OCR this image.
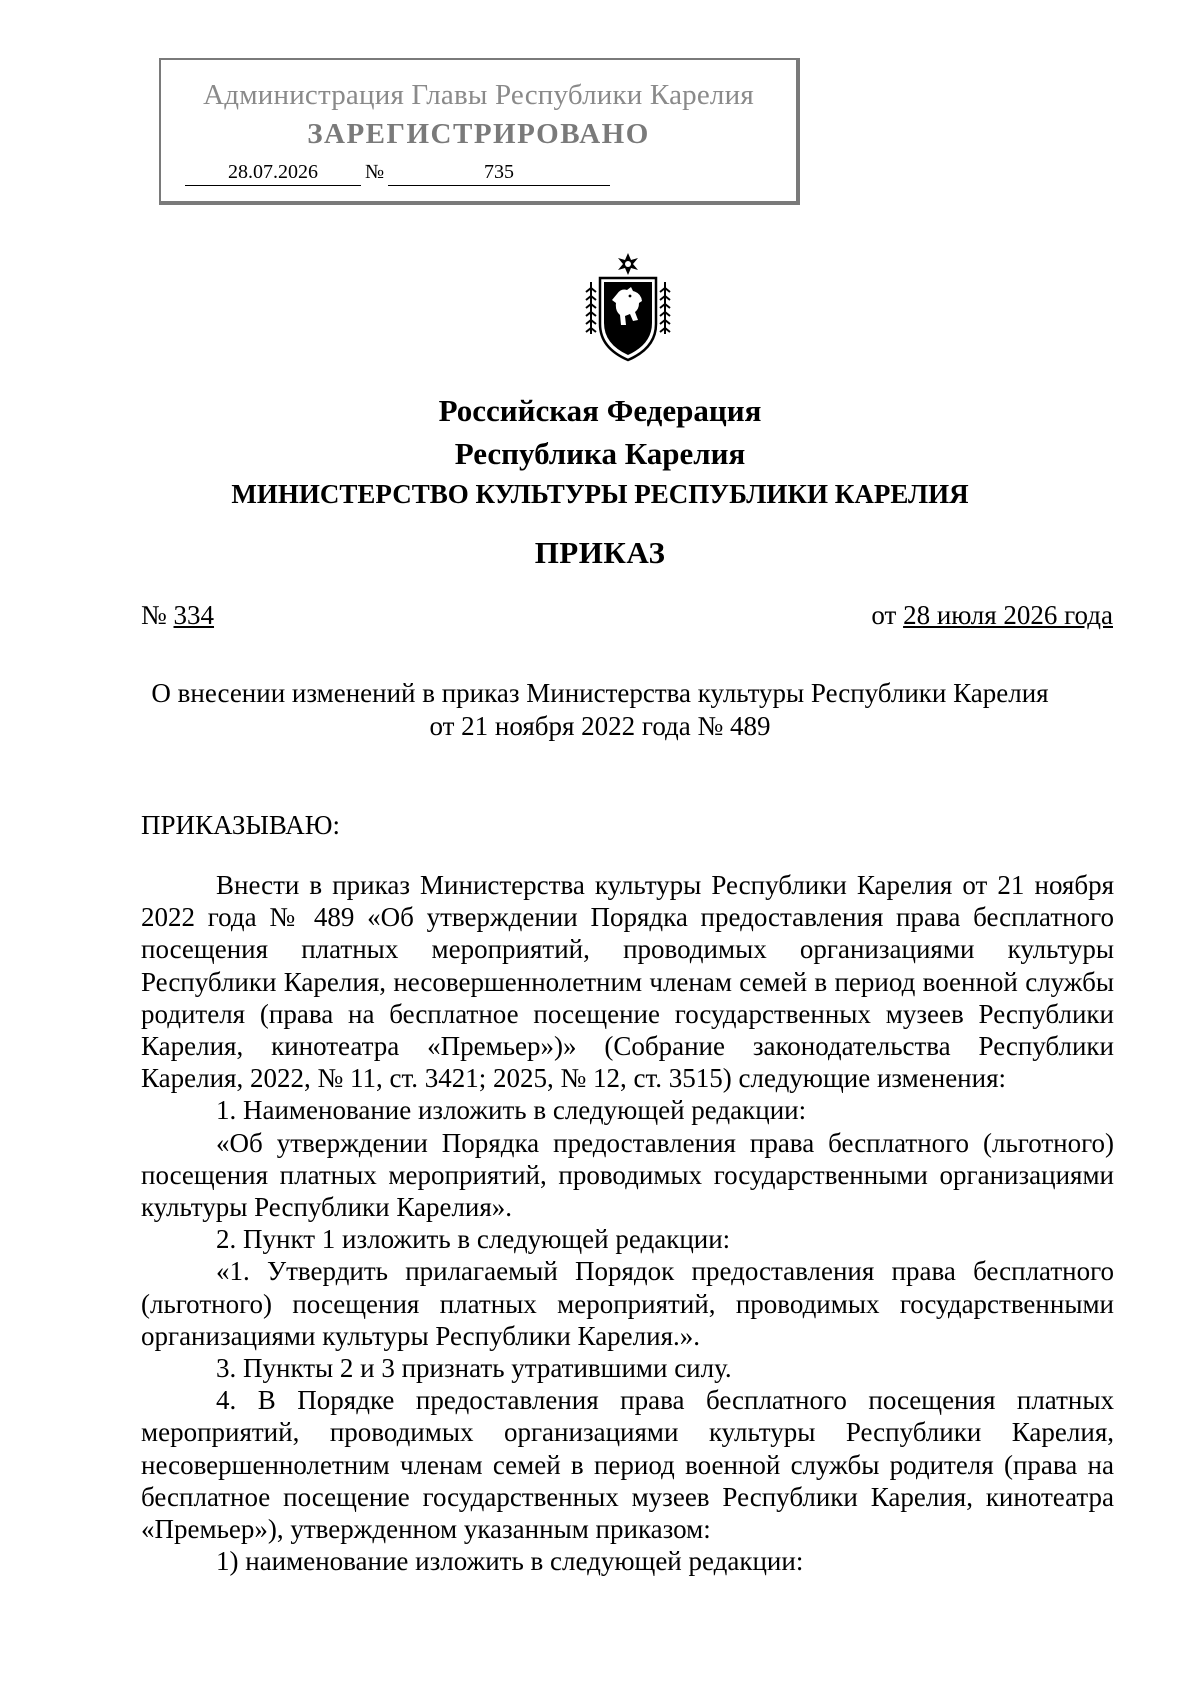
Администрация Главы Республики Карелия
ЗАРЕГИСТРИРОВАНО
28.07.2026	№	735
Российская Федерация
Республика Карелия
МИНИСТЕРСТВО КУЛЬТУРЫ РЕСПУБЛИКИ КАРЕЛИЯ
ПРИКАЗ
№ 334	от 28 июля 2026 года
О внесении изменений в приказ Министерства культуры Республики Карелия
от 21 ноября 2022 года № 489
ПРИКАЗЫВАЮ:

Внести в приказ Министерства культуры Республики Карелия от 21 ноября 2022 года № 489 «Об утверждении Порядка предоставления права бесплатного посещения платных мероприятий, проводимых организациями культуры Республики Карелия, несовершеннолетним членам семей в период военной службы родителя (права на бесплатное посещение государственных музеев Республики Карелия, кинотеатра «Премьер»)» (Собрание законодательства Республики Карелия, 2022, № 11, ст. 3421; 2025, № 12, ст. 3515) следующие изменения:

1. Наименование изложить в следующей редакции:

«Об утверждении Порядка предоставления права бесплатного (льготного) посещения платных мероприятий, проводимых государственными организациями культуры Республики Карелия».

2. Пункт 1 изложить в следующей редакции:

«1. Утвердить прилагаемый Порядок предоставления права бесплатного (льготного) посещения платных мероприятий, проводимых государственными организациями культуры Республики Карелия.».

3. Пункты 2 и 3 признать утратившими силу.

4. В Порядке предоставления права бесплатного посещения платных мероприятий, проводимых организациями культуры Республики Карелия, несовершеннолетним членам семей в период военной службы родителя (права на бесплатное посещение государственных музеев Республики Карелия, кинотеатра «Премьер»), утвержденном указанным приказом:

1) наименование изложить в следующей редакции:
